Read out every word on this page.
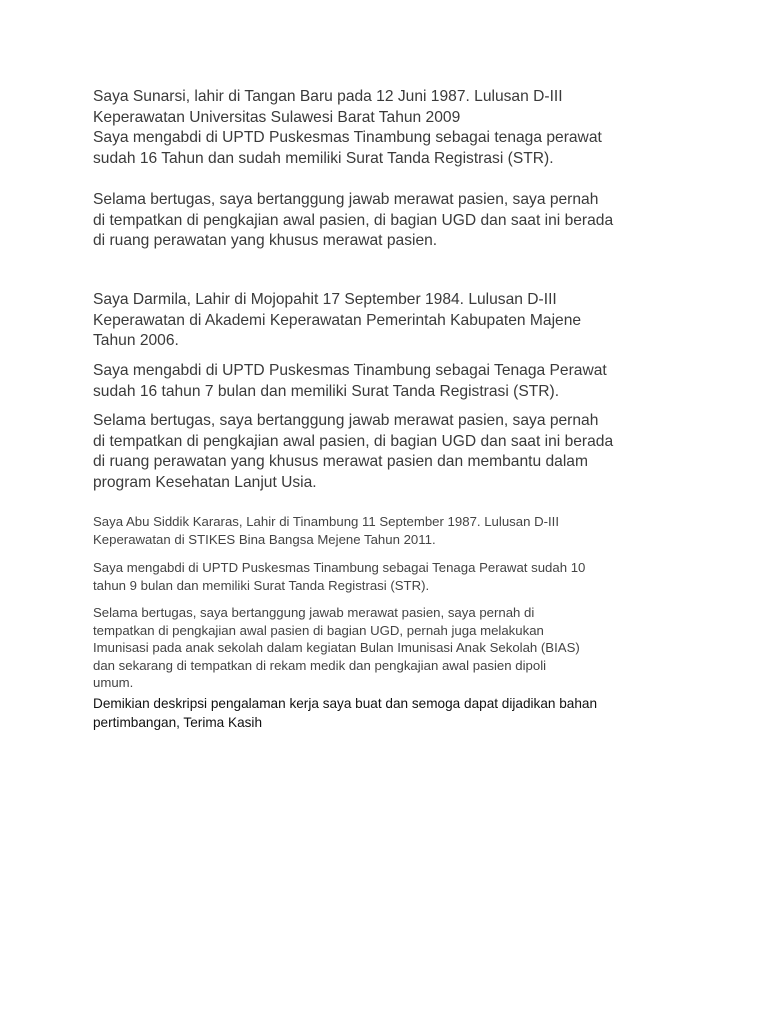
Saya Sunarsi, lahir di Tangan Baru pada 12 Juni 1987. Lulusan D-III
Keperawatan Universitas Sulawesi Barat Tahun 2009
Saya mengabdi di UPTD Puskesmas Tinambung sebagai tenaga perawat
sudah 16 Tahun dan sudah memiliki Surat Tanda Registrasi (STR).

Selama bertugas, saya bertanggung jawab merawat pasien, saya pernah
di tempatkan di pengkajian awal pasien, di bagian UGD dan saat ini berada
di ruang perawatan yang khusus merawat pasien.

Saya Darmila, Lahir di Mojopahit 17 September 1984. Lulusan D-III
Keperawatan di Akademi Keperawatan Pemerintah Kabupaten Majene
Tahun 2006.

Saya mengabdi di UPTD Puskesmas Tinambung sebagai Tenaga Perawat
sudah 16 tahun 7 bulan dan memiliki Surat Tanda Registrasi (STR).

Selama bertugas, saya bertanggung jawab merawat pasien, saya pernah
di tempatkan di pengkajian awal pasien, di bagian UGD dan saat ini berada
di ruang perawatan yang khusus merawat pasien dan membantu dalam
program Kesehatan Lanjut Usia.

Saya Abu Siddik Kararas, Lahir di Tinambung 11 September 1987. Lulusan D-III
Keperawatan di STIKES Bina Bangsa Mejene Tahun 2011.

Saya mengabdi di UPTD Puskesmas Tinambung sebagai Tenaga Perawat sudah 10
tahun 9 bulan dan memiliki Surat Tanda Registrasi (STR).

Selama bertugas, saya bertanggung jawab merawat pasien, saya pernah di
tempatkan di pengkajian awal pasien di bagian UGD, pernah juga melakukan
Imunisasi pada anak sekolah dalam kegiatan Bulan Imunisasi Anak Sekolah (BIAS)
dan sekarang di tempatkan di rekam medik dan pengkajian awal pasien dipoli
umum.

Demikian deskripsi pengalaman kerja saya buat dan semoga dapat dijadikan bahan
pertimbangan, Terima Kasih
